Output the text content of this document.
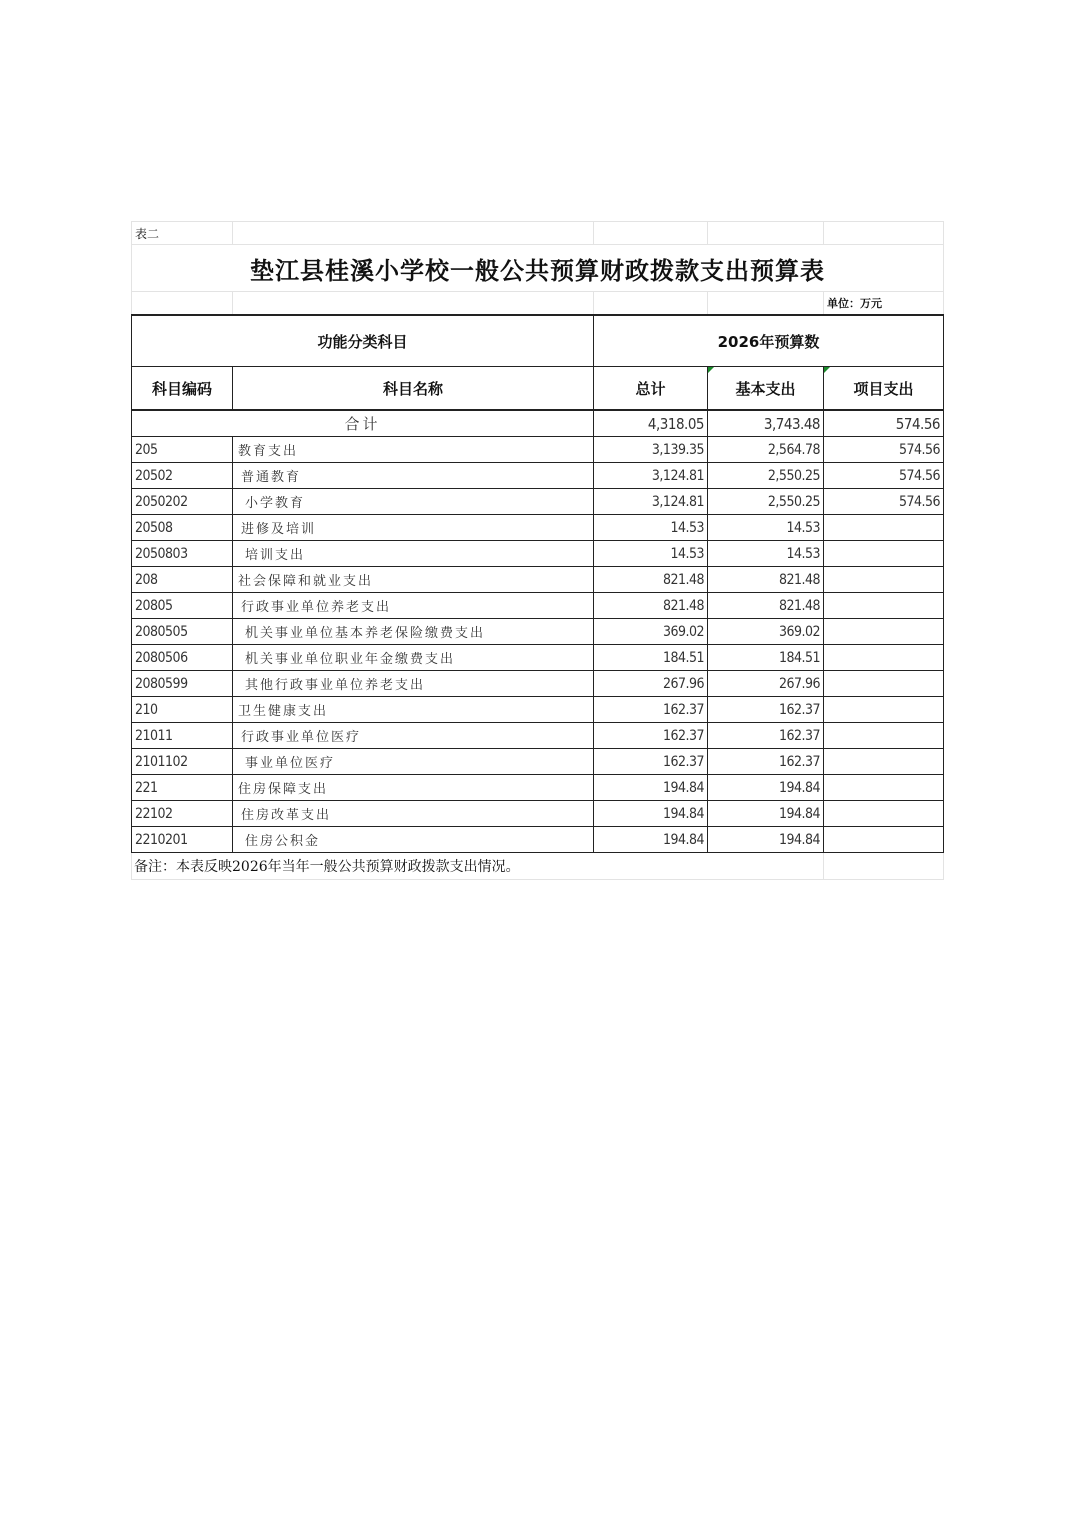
表二				
垫江县桂溪小学校一般公共预算财政拨款支出预算表				
				单位：万元
功能分类科目		2026年预算数		
科目编码	科目名称	总计	基本支出	项目支出
合计		4,318.05	3,743.48	574.56
205	教育支出	3,139.35	2,564.78	574.56
20502	普通教育	3,124.81	2,550.25	574.56
2050202	小学教育	3,124.81	2,550.25	574.56
20508	进修及培训	14.53	14.53	
2050803	培训支出	14.53	14.53	
208	社会保障和就业支出	821.48	821.48	
20805	行政事业单位养老支出	821.48	821.48	
2080505	机关事业单位基本养老保险缴费支出	369.02	369.02	
2080506	机关事业单位职业年金缴费支出	184.51	184.51	
2080599	其他行政事业单位养老支出	267.96	267.96	
210	卫生健康支出	162.37	162.37	
21011	行政事业单位医疗	162.37	162.37	
2101102	事业单位医疗	162.37	162.37	
221	住房保障支出	194.84	194.84	
22102	住房改革支出	194.84	194.84	
2210201	住房公积金	194.84	194.84	
备注：本表反映2026年当年一般公共预算财政拨款支出情况。				
